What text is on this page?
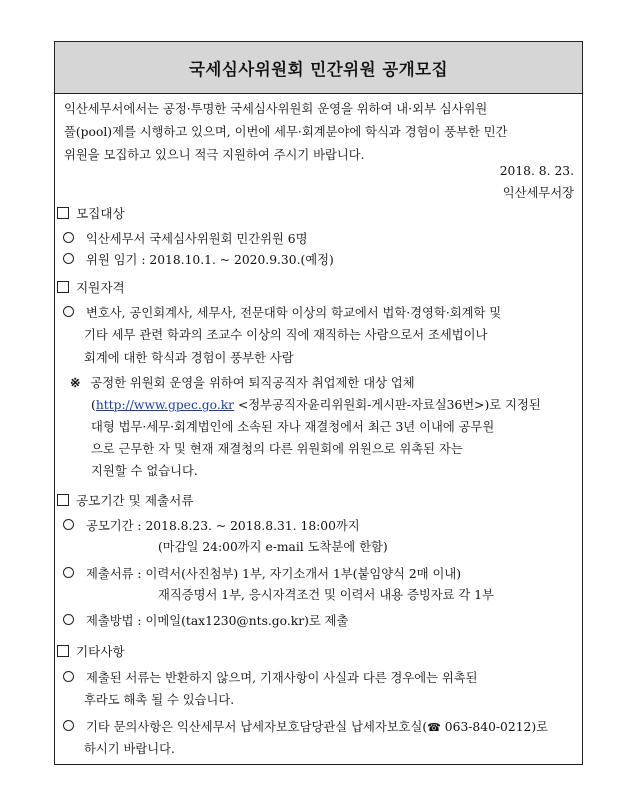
국세심사위원회 민간위원 공개모집
익산세무서에서는 공정·투명한 국세심사위원회 운영을 위하여 내·외부 심사위원
풀(pool)제를 시행하고 있으며, 이번에 세무·회계분야에 학식과 경험이 풍부한 민간
위원을 모집하고 있으니 적극 지원하여 주시기 바랍니다.
2018. 8. 23.
익산세무서장
모집대상
익산세무서 국세심사위원회 민간위원 6명
위원 임기 : 2018.10.1. ~ 2020.9.30.(예정)
지원자격
변호사, 공인회계사, 세무사, 전문대학 이상의 학교에서 법학·경영학·회계학 및
기타 세무 관련 학과의 조교수 이상의 직에 재직하는 사람으로서 조세법이나
회계에 대한 학식과 경험이 풍부한 사람
※ 공정한 위원회 운영을 위하여 퇴직공직자 취업제한 대상 업체
(http://www.gpec.go.kr <정부공직자윤리위원회-게시판-자료실36번>)로 지정된
대형 법무·세무·회계법인에 소속된 자나 재결청에서 최근 3년 이내에 공무원
으로 근무한 자 및 현재 재결청의 다른 위원회에 위원으로 위촉된 자는
지원할 수 없습니다.
공모기간 및 제출서류
공모기간 : 2018.8.23. ~ 2018.8.31. 18:00까지
(마감일 24:00까지 e-mail 도착분에 한함)
제출서류 : 이력서(사진첨부) 1부, 자기소개서 1부(붙임양식 2매 이내)
재직증명서 1부, 응시자격조건 및 이력서 내용 증빙자료 각 1부
제출방법 : 이메일(tax1230@nts.go.kr)로 제출
기타사항
제출된 서류는 반환하지 않으며, 기재사항이 사실과 다른 경우에는 위촉된
후라도 해촉 될 수 있습니다.
기타 문의사항은 익산세무서 납세자보호담당관실 납세자보호실(☎ 063-840-0212)로
하시기 바랍니다.
